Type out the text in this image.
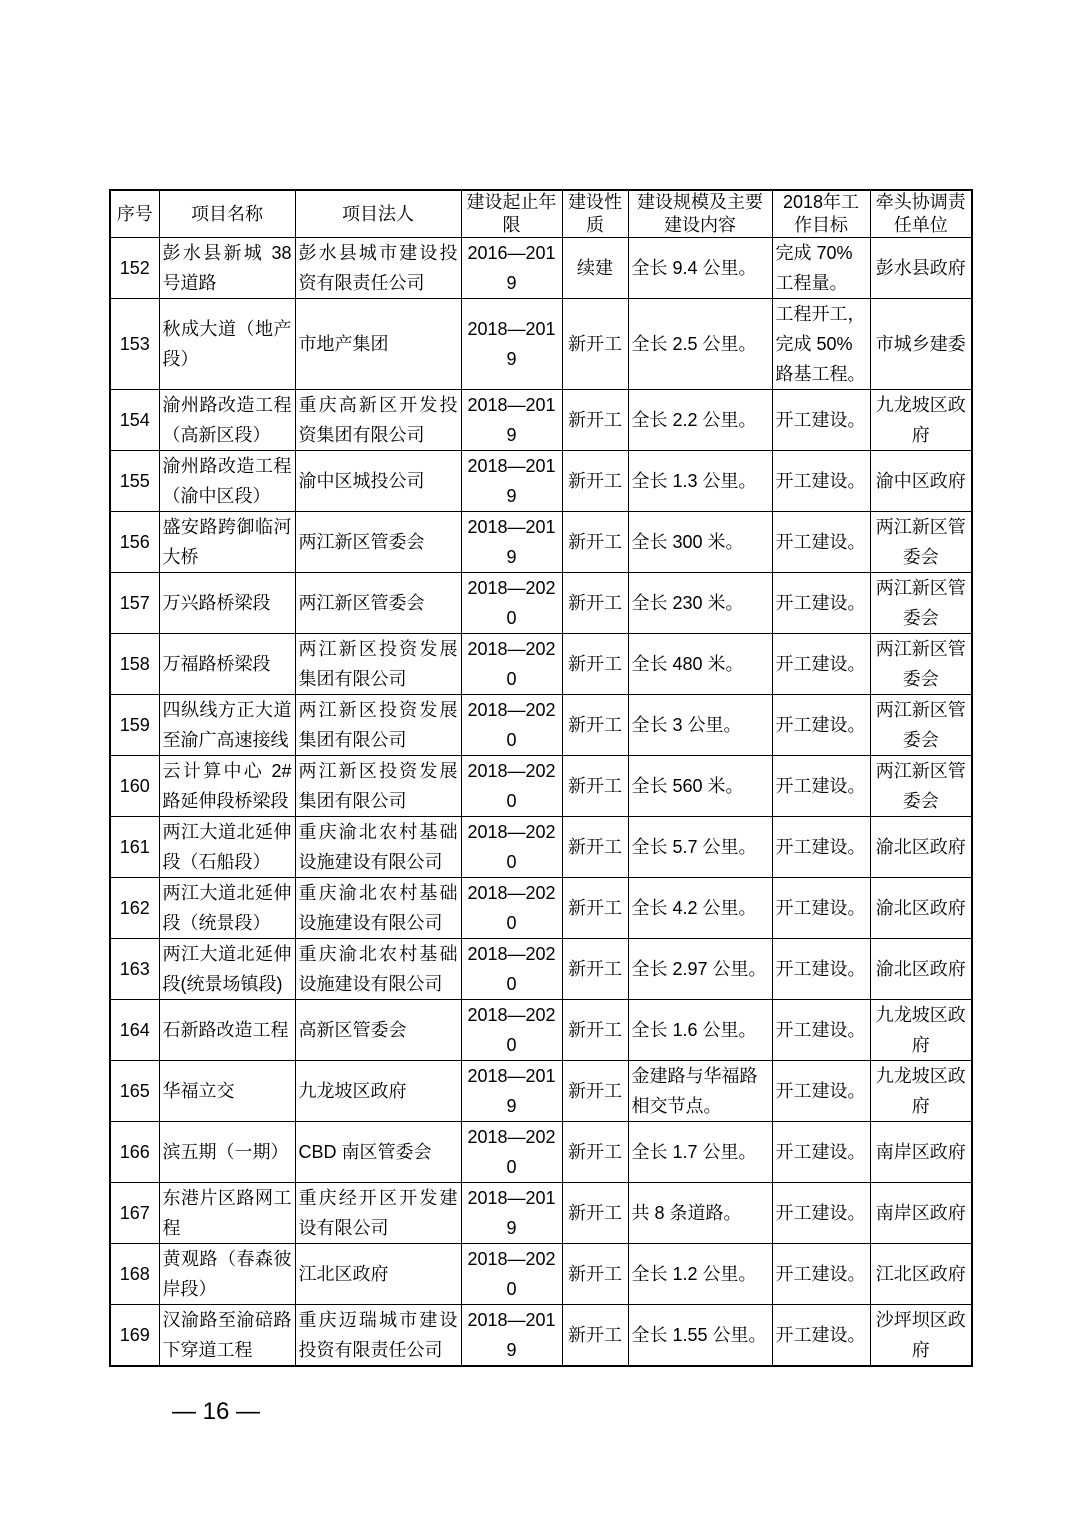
序号	项目名称	项目法人	建设起止年限	建设性质	建设规模及主要建设内容	2018年工作目标	牵头协调责任单位
152	彭水县新城 38号道路	彭水县城市建设投资有限责任公司	2016—2019	续建	全长 9.4 公里。	完成 70%工程量。	彭水县政府
153	秋成大道（地产段）	市地产集团	2018—2019	新开工	全长 2.5 公里。	工程开工，完成 50%路基工程。	市城乡建委
154	渝州路改造工程（高新区段）	重庆高新区开发投资集团有限公司	2018—2019	新开工	全长 2.2 公里。	开工建设。	九龙坡区政府
155	渝州路改造工程（渝中区段）	渝中区城投公司	2018—2019	新开工	全长 1.3 公里。	开工建设。	渝中区政府
156	盛安路跨御临河大桥	两江新区管委会	2018—2019	新开工	全长 300 米。	开工建设。	两江新区管委会
157	万兴路桥梁段	两江新区管委会	2018—2020	新开工	全长 230 米。	开工建设。	两江新区管委会
158	万福路桥梁段	两江新区投资发展集团有限公司	2018—2020	新开工	全长 480 米。	开工建设。	两江新区管委会
159	四纵线方正大道至渝广高速接线	两江新区投资发展集团有限公司	2018—2020	新开工	全长 3 公里。	开工建设。	两江新区管委会
160	云计算中心 2#路延伸段桥梁段	两江新区投资发展集团有限公司	2018—2020	新开工	全长 560 米。	开工建设。	两江新区管委会
161	两江大道北延伸段（石船段）	重庆渝北农村基础设施建设有限公司	2018—2020	新开工	全长 5.7 公里。	开工建设。	渝北区政府
162	两江大道北延伸段（统景段）	重庆渝北农村基础设施建设有限公司	2018—2020	新开工	全长 4.2 公里。	开工建设。	渝北区政府
163	两江大道北延伸段(统景场镇段)	重庆渝北农村基础设施建设有限公司	2018—2020	新开工	全长 2.97 公里。	开工建设。	渝北区政府
164	石新路改造工程	高新区管委会	2018—2020	新开工	全长 1.6 公里。	开工建设。	九龙坡区政府
165	华福立交	九龙坡区政府	2018—2019	新开工	金建路与华福路相交节点。	开工建设。	九龙坡区政府
166	滨五期（一期）	CBD 南区管委会	2018—2020	新开工	全长 1.7 公里。	开工建设。	南岸区政府
167	东港片区路网工程	重庆经开区开发建设有限公司	2018—2019	新开工	共 8 条道路。	开工建设。	南岸区政府
168	黄观路（春森彼岸段）	江北区政府	2018—2020	新开工	全长 1.2 公里。	开工建设。	江北区政府
169	汉渝路至渝碚路下穿道工程	重庆迈瑞城市建设投资有限责任公司	2018—2019	新开工	全长 1.55 公里。	开工建设。	沙坪坝区政府
— 16 —
